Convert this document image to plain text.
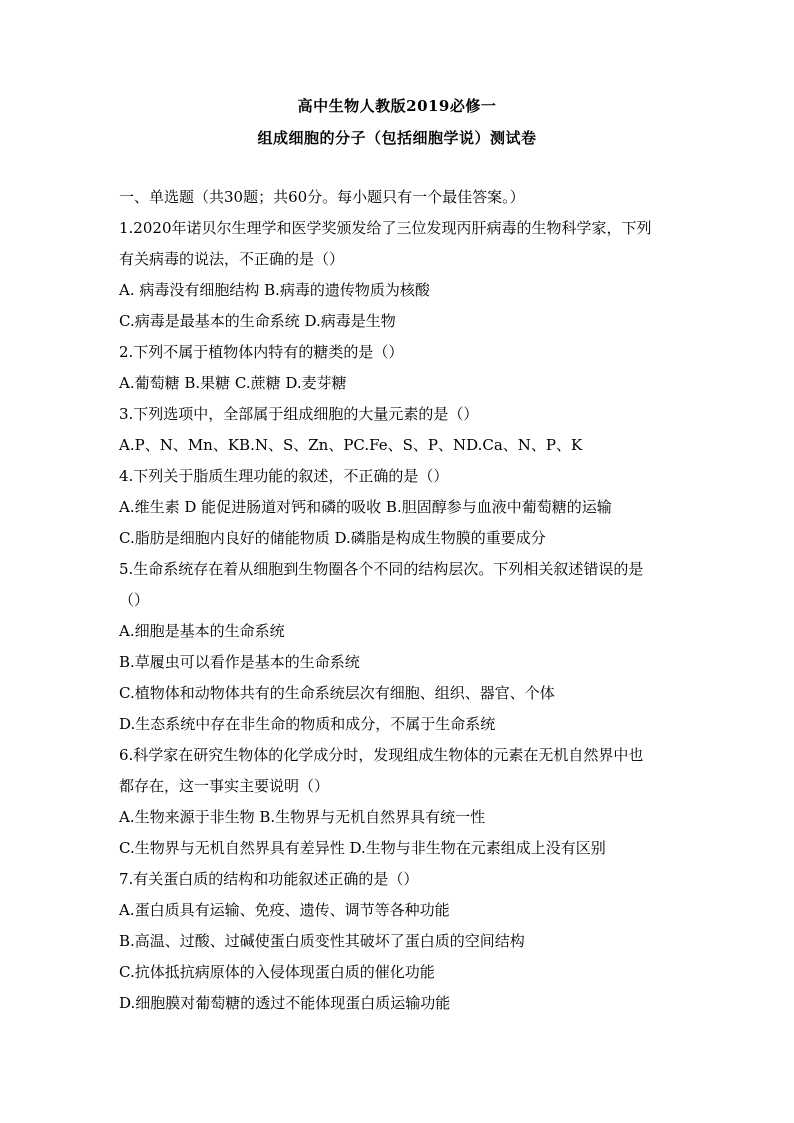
高中生物人教版2019必修一
组成细胞的分子（包括细胞学说）测试卷
一、单选题（共30题；共60分。每小题只有一个最佳答案。）
1.2020年诺贝尔生理学和医学奖颁发给了三位发现丙肝病毒的生物科学家，下列
有关病毒的说法，不正确的是（）
A. 病毒没有细胞结构 B.病毒的遗传物质为核酸
C.病毒是最基本的生命系统 D.病毒是生物
2.下列不属于植物体内特有的糖类的是（）
A.葡萄糖 B.果糖 C.蔗糖 D.麦芽糖
3.下列选项中，全部属于组成细胞的大量元素的是（）
A.P、N、Mn、KB.N、S、Zn、PC.Fe、S、P、ND.Ca、N、P、K
4.下列关于脂质生理功能的叙述，不正确的是（）
A.维生素 D 能促进肠道对钙和磷的吸收 B.胆固醇参与血液中葡萄糖的运输
C.脂肪是细胞内良好的储能物质 D.磷脂是构成生物膜的重要成分
5.生命系统存在着从细胞到生物圈各个不同的结构层次。下列相关叙述错误的是
（）
A.细胞是基本的生命系统
B.草履虫可以看作是基本的生命系统
C.植物体和动物体共有的生命系统层次有细胞、组织、器官、个体
D.生态系统中存在非生命的物质和成分，不属于生命系统
6.科学家在研究生物体的化学成分时，发现组成生物体的元素在无机自然界中也
都存在，这一事实主要说明（）
A.生物来源于非生物 B.生物界与无机自然界具有统一性
C.生物界与无机自然界具有差异性 D.生物与非生物在元素组成上没有区别
7.有关蛋白质的结构和功能叙述正确的是（）
A.蛋白质具有运输、免疫、遗传、调节等各种功能
B.高温、过酸、过碱使蛋白质变性其破坏了蛋白质的空间结构
C.抗体抵抗病原体的入侵体现蛋白质的催化功能
D.细胞膜对葡萄糖的透过不能体现蛋白质运输功能
